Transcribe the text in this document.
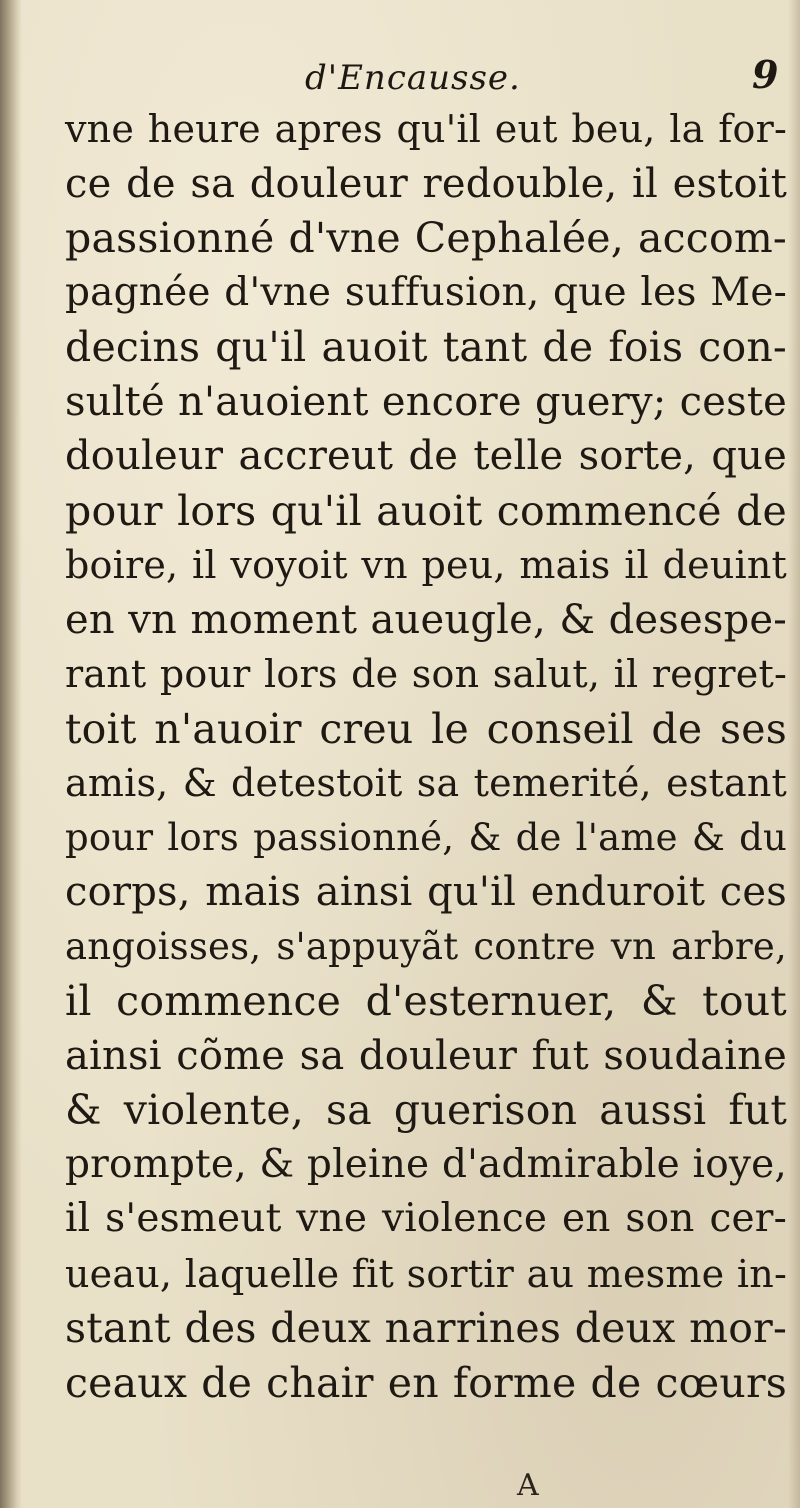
d'Encausse.	9
vne heure apres qu'il eut beu, la for-
ce de sa douleur redouble, il estoit
passionné d'vne Cephalée, accom-
pagnée d'vne suffusion, que les Me-
decins qu'il auoit tant de fois con-
sulté n'auoient encore guery; ceste
douleur accreut de telle sorte, que
pour lors qu'il auoit commencé de
boire, il voyoit vn peu, mais il deuint
en vn moment aueugle, & desespe-
rant pour lors de son salut, il regret-
toit n'auoir creu le conseil de ses
amis, & detestoit sa temerité, estant
pour lors passionné, & de l'ame & du
corps, mais ainsi qu'il enduroit ces
angoisses, s'appuyãt contre vn arbre,
il commence d'esternuer, & tout
ainsi cõme sa douleur fut soudaine
& violente, sa guerison aussi fut
prompte, & pleine d'admirable ioye,
il s'esmeut vne violence en son cer-
ueau, laquelle fit sortir au mesme in-
stant des deux narrines deux mor-
ceaux de chair en forme de cœurs
A
